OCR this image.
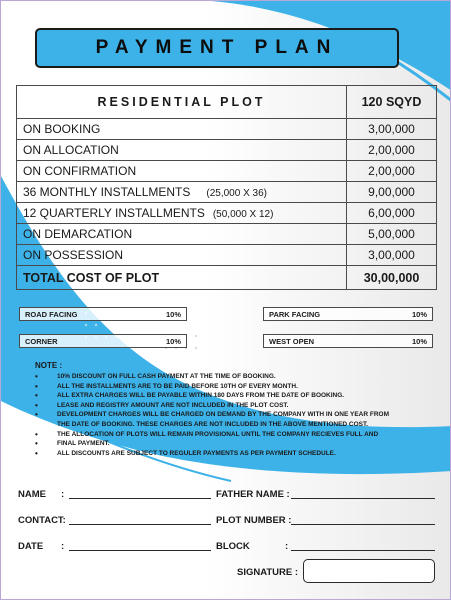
PAYMENT PLAN
RESIDENTIAL PLOT	120 SQYD
ON BOOKING	3,00,000
ON ALLOCATION	2,00,000
ON CONFIRMATION	2,00,000
36 MONTHLY INSTALLMENTS (25,000 X 36)	9,00,000
12 QUARTERLY INSTALLMENTS (50,000 X 12)	6,00,000
ON DEMARCATION	5,00,000
ON POSSESSION	3,00,000
TOTAL COST OF PLOT	30,00,000
ROAD FACING	10%	PARK FACING	10%
CORNER	10%	WEST OPEN	10%
NOTE :
• 10% DISCOUNT ON FULL CASH PAYMENT AT THE TIME OF BOOKING.
• ALL THE INSTALLMENTS ARE TO BE PAID BEFORE 10TH OF EVERY MONTH.
• ALL EXTRA CHARGES WILL BE PAYABLE WITHIN 180 DAYS FROM THE DATE OF BOOKING.
• LEASE AND REGISTRY AMOUNT ARE NOT INCLUDED IN THE PLOT COST.
• DEVELOPMENT CHARGES WILL BE CHARGED ON DEMAND BY THE COMPANY WITH IN ONE YEAR FROM THE DATE OF BOOKING. THESE CHARGES ARE NOT INCLUDED IN THE ABOVE MENTIONED COST.
• THE ALLOCATION OF PLOTS WILL REMAIN PROVISIONAL UNTIL THE COMPANY RECIEVES FULL AND
• FINAL PAYMENT.
• ALL DISCOUNTS ARE SUBJECT TO REGULER PAYMENTS AS PER PAYMENT SCHEDULE.
NAME :	FATHER NAME :
CONTACT:	PLOT NUMBER :
DATE :	BLOCK	:
SIGNATURE :
